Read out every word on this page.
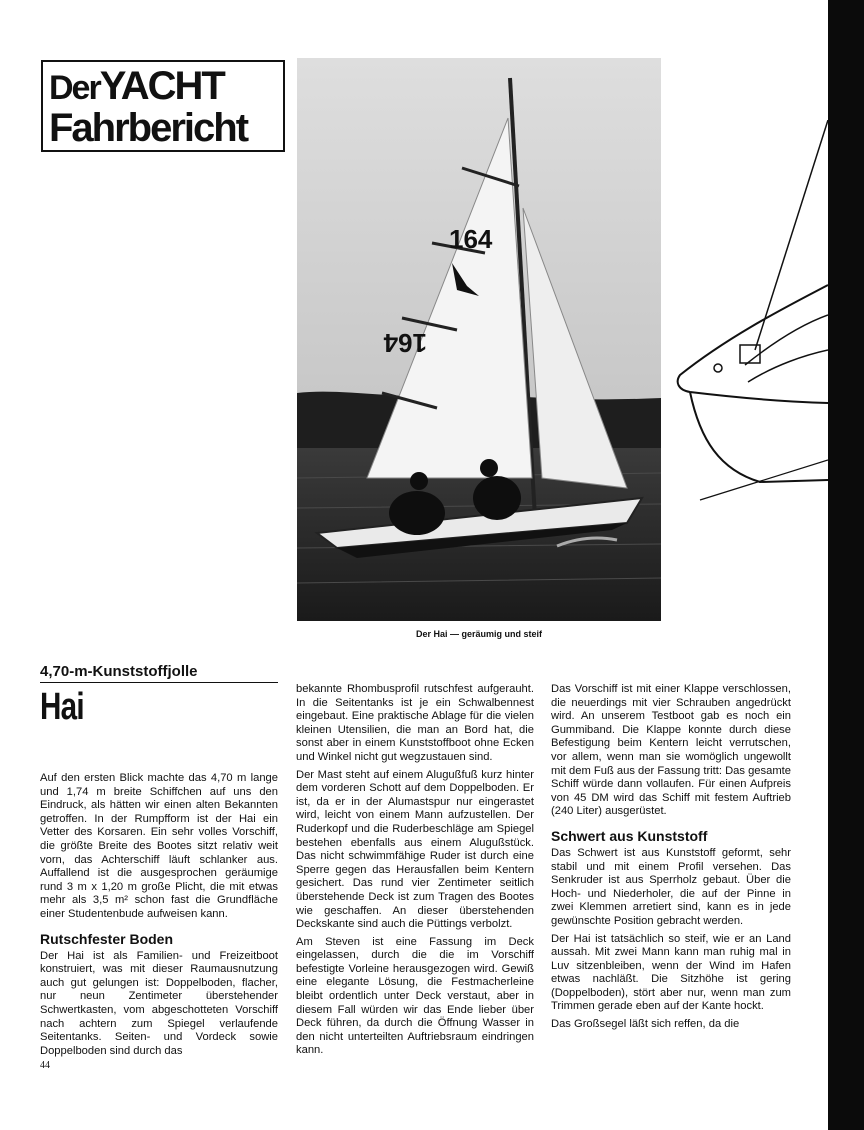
DerYACHT
Fahrbericht
164
164
Der Hai — geräumig und steif
4,70-m-Kunststoffjolle
Hai

Auf den ersten Blick machte das 4,70 m lange und 1,74 m breite Schiffchen auf uns den Eindruck, als hätten wir einen alten Bekannten getroffen. In der Rumpfform ist der Hai ein Vetter des Korsaren. Ein sehr volles Vorschiff, die größte Breite des Bootes sitzt relativ weit vorn, das Achterschiff läuft schlanker aus. Auffallend ist die ausgesprochen geräumige rund 3 m x 1,20 m große Plicht, die mit etwas mehr als 3,5 m² schon fast die Grundfläche einer Studentenbude aufweisen kann.

Rutschfester Boden

Der Hai ist als Familien- und Freizeitboot konstruiert, was mit dieser Raumausnutzung auch gut gelungen ist: Doppelboden, flacher, nur neun Zentimeter überstehender Schwertkasten, vom abgeschotteten Vorschiff nach achtern zum Spiegel verlaufende Seitentanks. Seiten- und Vordeck sowie Doppelboden sind durch das

bekannte Rhombusprofil rutschfest aufgerauht. In die Seitentanks ist je ein Schwalbennest eingebaut. Eine praktische Ablage für die vielen kleinen Utensilien, die man an Bord hat, die sonst aber in einem Kunststoffboot ohne Ecken und Winkel nicht gut wegzustauen sind.

Der Mast steht auf einem Alugußfuß kurz hinter dem vorderen Schott auf dem Doppelboden. Er ist, da er in der Alumastspur nur eingerastet wird, leicht von einem Mann aufzustellen. Der Ruderkopf und die Ruderbeschläge am Spiegel bestehen ebenfalls aus einem Alugußstück. Das nicht schwimmfähige Ruder ist durch eine Sperre gegen das Herausfallen beim Kentern gesichert. Das rund vier Zentimeter seitlich überstehende Deck ist zum Tragen des Bootes wie geschaffen. An dieser überstehenden Deckskante sind auch die Püttings verbolzt.

Am Steven ist eine Fassung im Deck eingelassen, durch die die im Vorschiff befestigte Vorleine herausgezogen wird. Gewiß eine elegante Lösung, die Festmacherleine bleibt ordentlich unter Deck verstaut, aber in diesem Fall würden wir das Ende lieber über Deck führen, da durch die Öffnung Wasser in den nicht unterteilten Auftriebsraum eindringen kann.

Das Vorschiff ist mit einer Klappe verschlossen, die neuerdings mit vier Schrauben angedrückt wird. An unserem Testboot gab es noch ein Gummiband. Die Klappe konnte durch diese Befestigung beim Kentern leicht verrutschen, vor allem, wenn man sie womöglich ungewollt mit dem Fuß aus der Fassung tritt: Das gesamte Schiff würde dann vollaufen. Für einen Aufpreis von 45 DM wird das Schiff mit festem Auftrieb (240 Liter) ausgerüstet.

Schwert aus Kunststoff

Das Schwert ist aus Kunststoff geformt, sehr stabil und mit einem Profil versehen. Das Senkruder ist aus Sperrholz gebaut. Über die Hoch- und Niederholer, die auf der Pinne in zwei Klemmen arretiert sind, kann es in jede gewünschte Position gebracht werden.

Der Hai ist tatsächlich so steif, wie er an Land aussah. Mit zwei Mann kann man ruhig mal in Luv sitzenbleiben, wenn der Wind im Hafen etwas nachläßt. Die Sitzhöhe ist gering (Doppelboden), stört aber nur, wenn man zum Trimmen gerade eben auf der Kante hockt.

Das Großsegel läßt sich reffen, da die

44
